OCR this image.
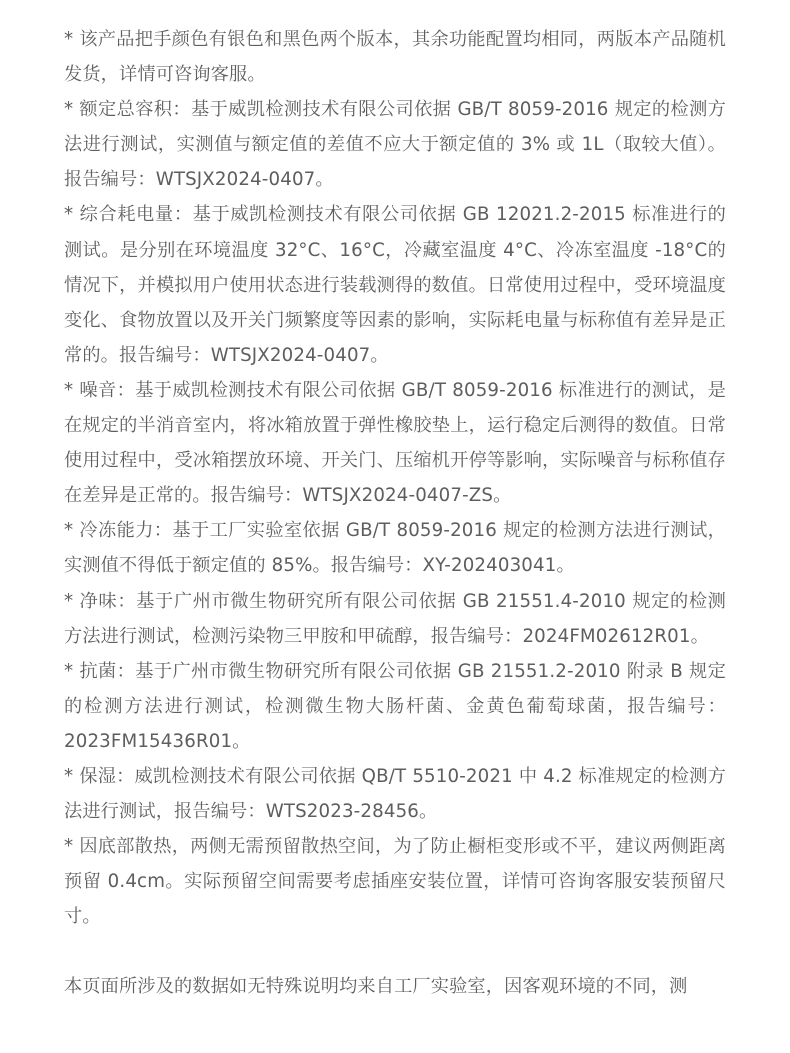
* 该产品把手颜色有银色和黑色两个版本，其余功能配置均相同，两版本产品随机发货，详情可咨询客服。

* 额定总容积：基于威凯检测技术有限公司依据 GB/T 8059-2016 规定的检测方法进行测试，实测值与额定值的差值不应大于额定值的 3% 或 1L（取较大值）。报告编号：WTSJX2024-0407。

* 综合耗电量：基于威凯检测技术有限公司依据 GB 12021.2-2015 标准进行的测试。是分别在环境温度 32°C、16°C，冷藏室温度 4°C、冷冻室温度 -18°C的情况下，并模拟用户使用状态进行装载测得的数值。日常使用过程中，受环境温度变化、食物放置以及开关门频繁度等因素的影响，实际耗电量与标称值有差异是正常的。报告编号：WTSJX2024-0407。

* 噪音：基于威凯检测技术有限公司依据 GB/T 8059-2016 标准进行的测试，是在规定的半消音室内，将冰箱放置于弹性橡胶垫上，运行稳定后测得的数值。日常使用过程中，受冰箱摆放环境、开关门、压缩机开停等影响，实际噪音与标称值存在差异是正常的。报告编号：WTSJX2024-0407-ZS。

* 冷冻能力：基于工厂实验室依据 GB/T 8059-2016 规定的检测方法进行测试，实测值不得低于额定值的 85%。报告编号：XY-202403041。

* 净味：基于广州市微生物研究所有限公司依据 GB 21551.4-2010 规定的检测方法进行测试，检测污染物三甲胺和甲硫醇，报告编号：2024FM02612R01。

* 抗菌：基于广州市微生物研究所有限公司依据 GB 21551.2-2010 附录 B 规定的检测方法进行测试，检测微生物大肠杆菌、金黄色葡萄球菌，报告编号：2023FM15436R01。

* 保湿：威凯检测技术有限公司依据 QB/T 5510-2021 中 4.2 标准规定的检测方法进行测试，报告编号：WTS2023-28456。

* 因底部散热，两侧无需预留散热空间，为了防止橱柜变形或不平，建议两侧距离预留 0.4cm。实际预留空间需要考虑插座安装位置，详情可咨询客服安装预留尺寸。

本页面所涉及的数据如无特殊说明均来自工厂实验室，因客观环境的不同，测
